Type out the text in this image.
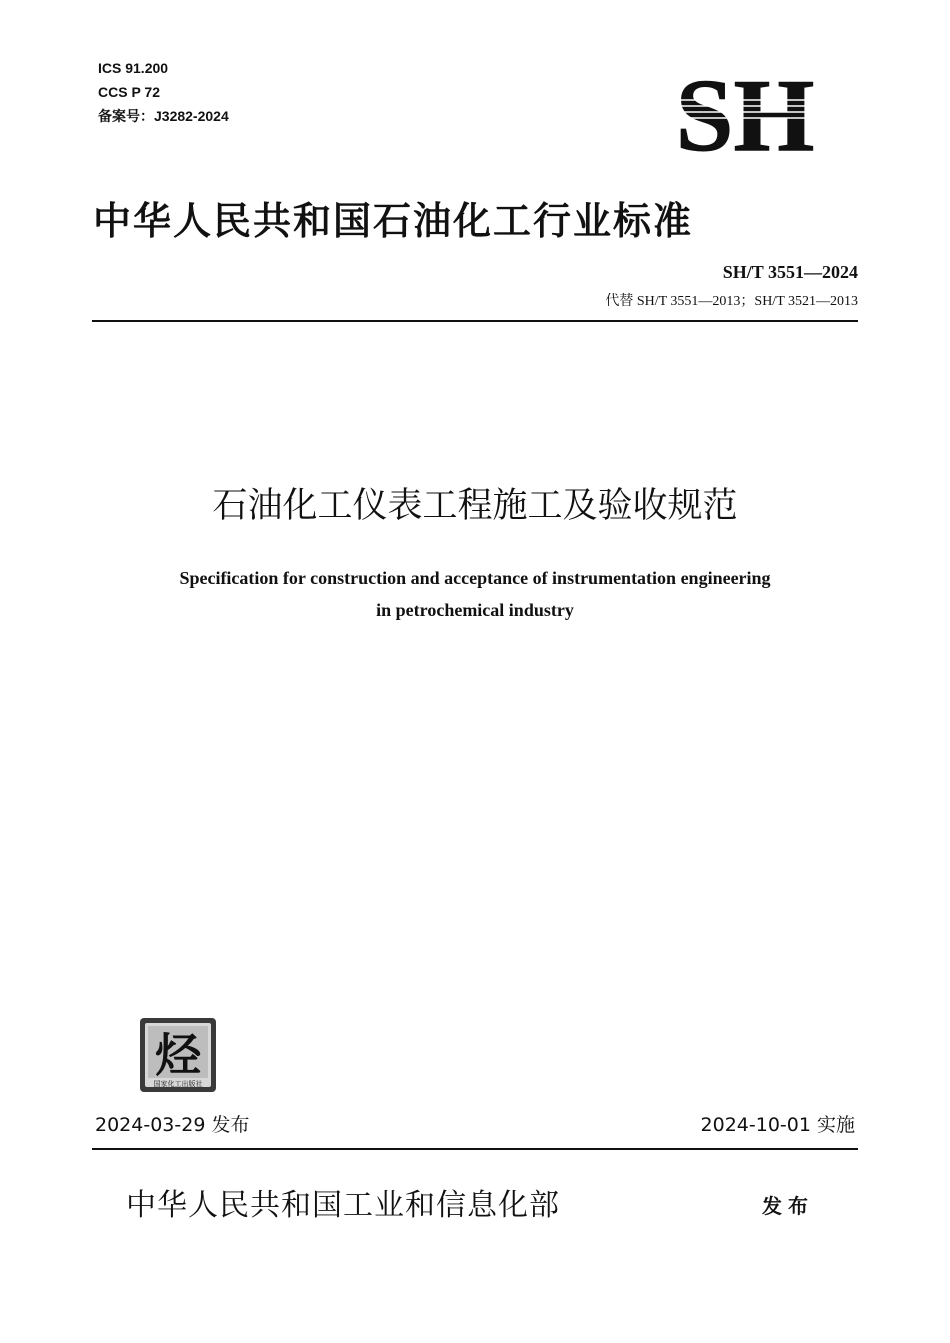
ICS 91.200
CCS P 72
备案号：J3282-2024	SH
中华人民共和国石油化工行业标准
SH/T 3551—2024
代替 SH/T 3551—2013；SH/T 3521—2013
石油化工仪表工程施工及验收规范
Specification for construction and acceptance of instrumentation engineering
in petrochemical industry
烃
国家化工出版社
2024-03-29 发布	2024-10-01 实施
中华人民共和国工业和信息化部	发布
